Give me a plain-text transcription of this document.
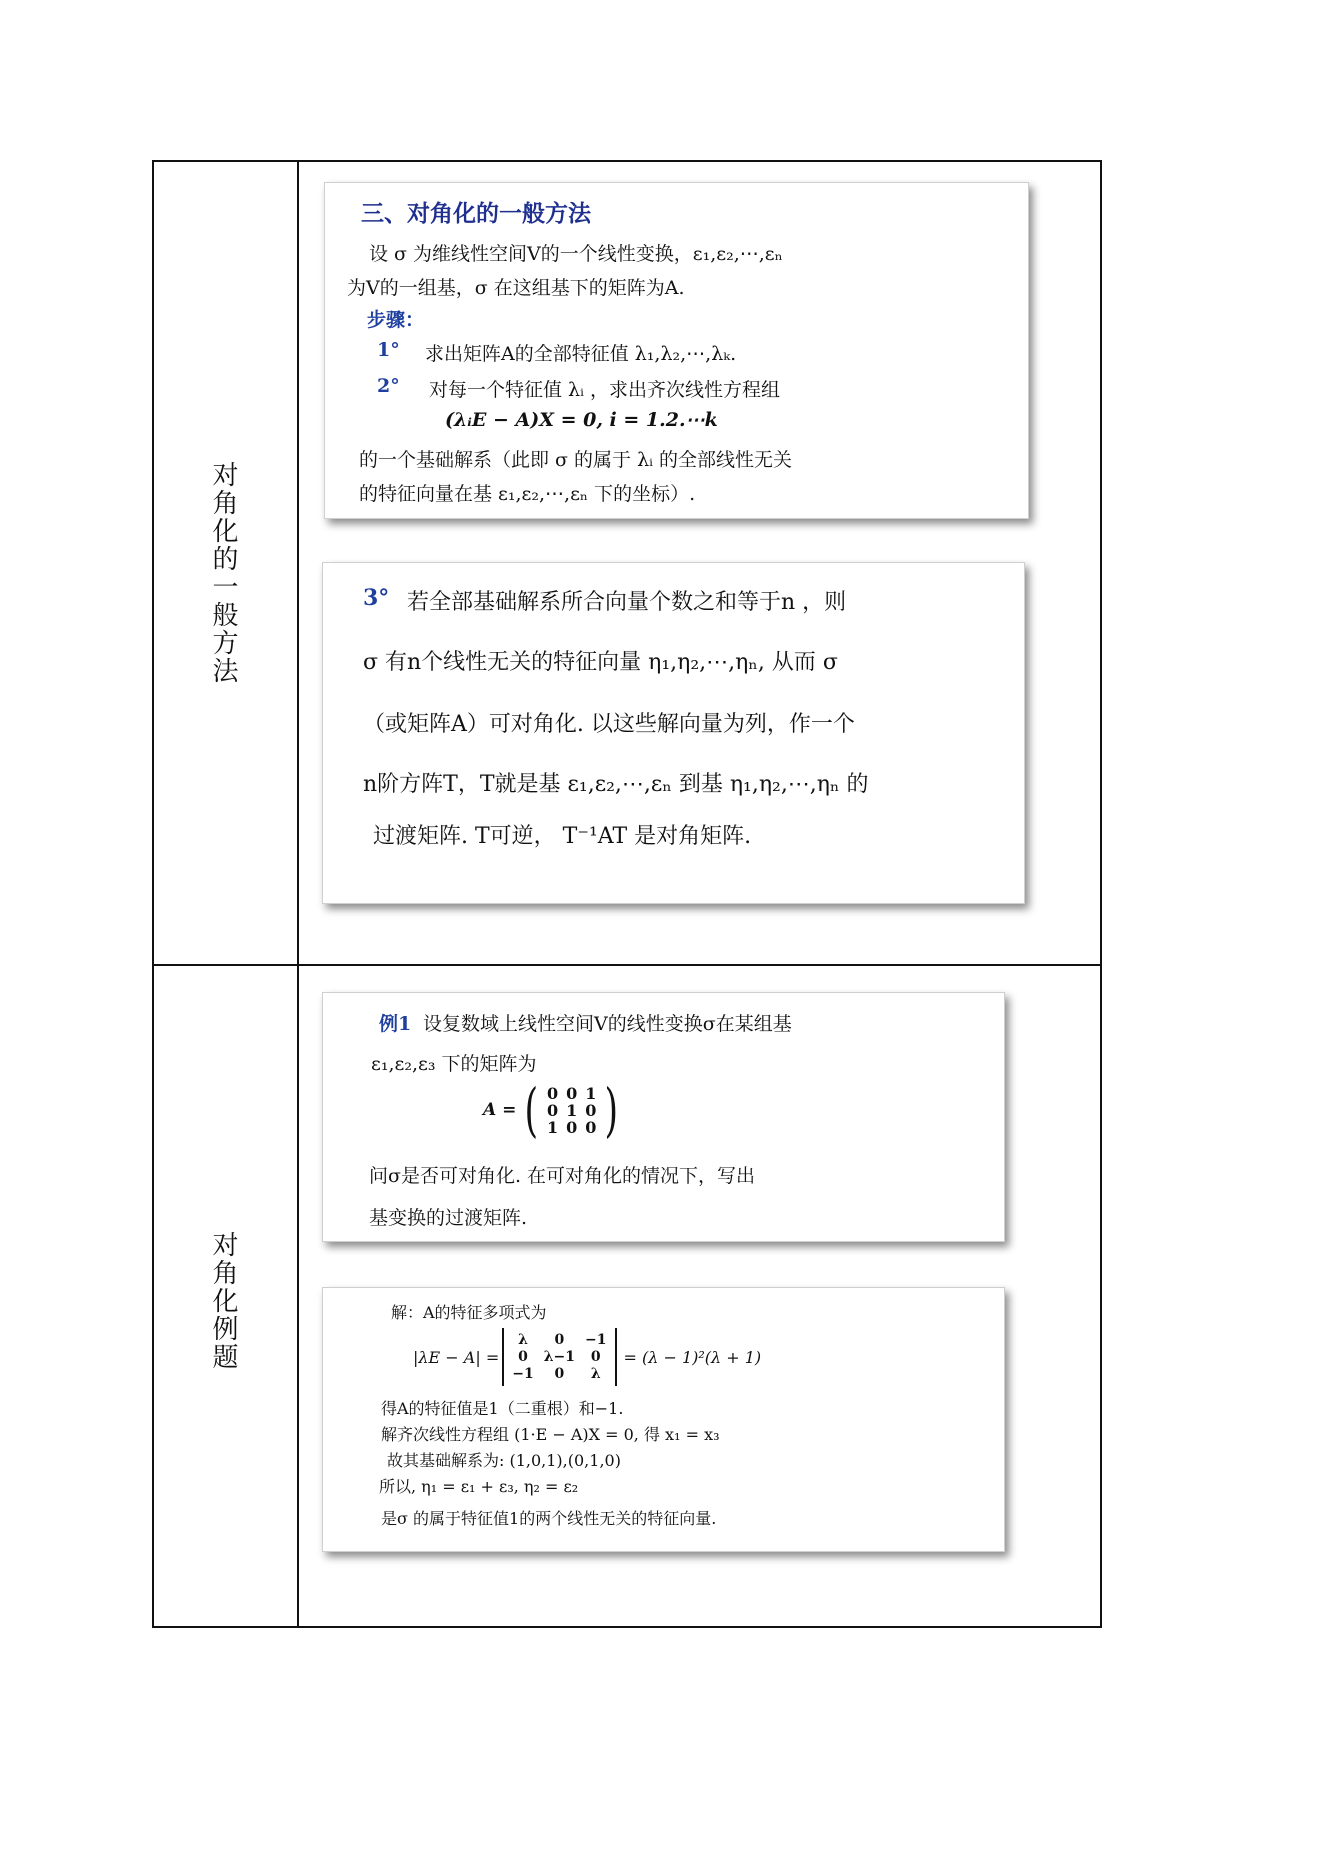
对
角
化
的
一
般
方
法
对
角
化
例
题
三、对角化的一般方法
设 σ 为维线性空间V的一个线性变换，ε₁,ε₂,⋯,εₙ
为V的一组基，σ 在这组基下的矩阵为A.
步骤：
1° 求出矩阵A的全部特征值 λ₁,λ₂,⋯,λₖ.
2° 对每一个特征值 λᵢ ，求出齐次线性方程组
(λᵢE − A)X = 0, i = 1.2.⋯k
的一个基础解系（此即 σ 的属于 λᵢ 的全部线性无关
的特征向量在基 ε₁,ε₂,⋯,εₙ 下的坐标）.
3° 若全部基础解系所合向量个数之和等于n ，则
σ 有n个线性无关的特征向量 η₁,η₂,⋯,ηₙ, 从而 σ
（或矩阵A）可对角化. 以这些解向量为列，作一个
n阶方阵T，T就是基 ε₁,ε₂,⋯,εₙ 到基 η₁,η₂,⋯,ηₙ 的
过渡矩阵. T可逆， T⁻¹AT 是对角矩阵.
例1 设复数域上线性空间V的线性变换σ在某组基
ε₁,ε₂,ε₃ 下的矩阵为
A = ( 0	0	1
0	1	0
1	0	0 )
问σ是否可对角化. 在可对角化的情况下，写出
基变换的过渡矩阵.
解：A的特征多项式为
|λE − A| =
λ	0	−1
0	λ−1	0
−1	0	λ
= (λ − 1)²(λ + 1)
得A的特征值是1（二重根）和−1.
解齐次线性方程组 (1·E − A)X = 0, 得 x₁ = x₃
故其基础解系为: (1,0,1),(0,1,0)
所以, η₁ = ε₁ + ε₃, η₂ = ε₂
是σ 的属于特征值1的两个线性无关的特征向量.
